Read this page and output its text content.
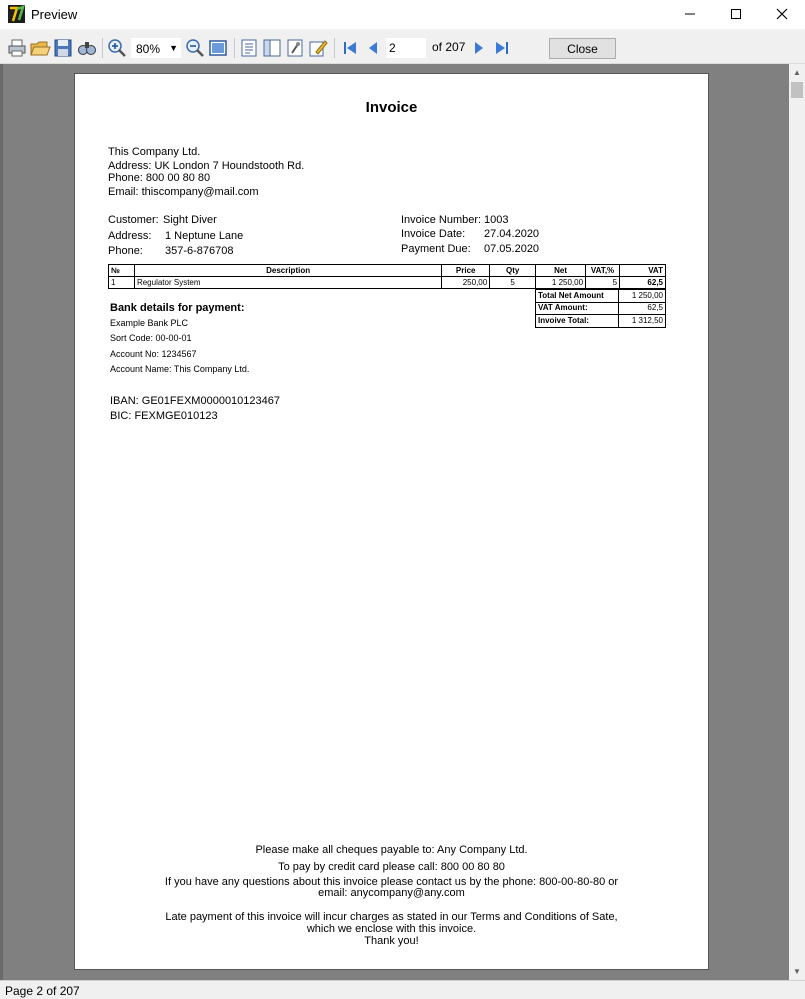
Preview
80% ▼
2	of 207	Close
Invoice
This Company Ltd.
Address: UK London 7 Houndstooth Rd.
Phone: 800 00 80 80
Email: thiscompany@mail.com
Customer: Sight Diver
Address: 1 Neptune Lane
Phone: 357-6-876708
Invoice Number: 1003
Invoice Date: 27.04.2020
Payment Due: 07.05.2020
№	Description	Price	Qty	Net	VAT,%	VAT
1	Regulator System	250,00	5	1 250,00	5	62,5
Total Net Amount	1 250,00
VAT Amount:	62,5
Invoive Total:	1 312,50
Bank details for payment:
Example Bank PLC
Sort Code: 00-00-01
Account No: 1234567
Account Name: This Company Ltd.
IBAN: GE01FEXM0000010123467
BIC: FEXMGE010123
Please make all cheques payable to: Any Company Ltd.
To pay by credit card please call: 800 00 80 80
If you have any questions about this invoice please contact us by the phone: 800-00-80-80 or
email: anycompany@any.com
Late payment of this invoice will incur charges as stated in our Terms and Conditions of Sate,
which we enclose with this invoice.
Thank you!
▲
▼
Page 2 of 207
